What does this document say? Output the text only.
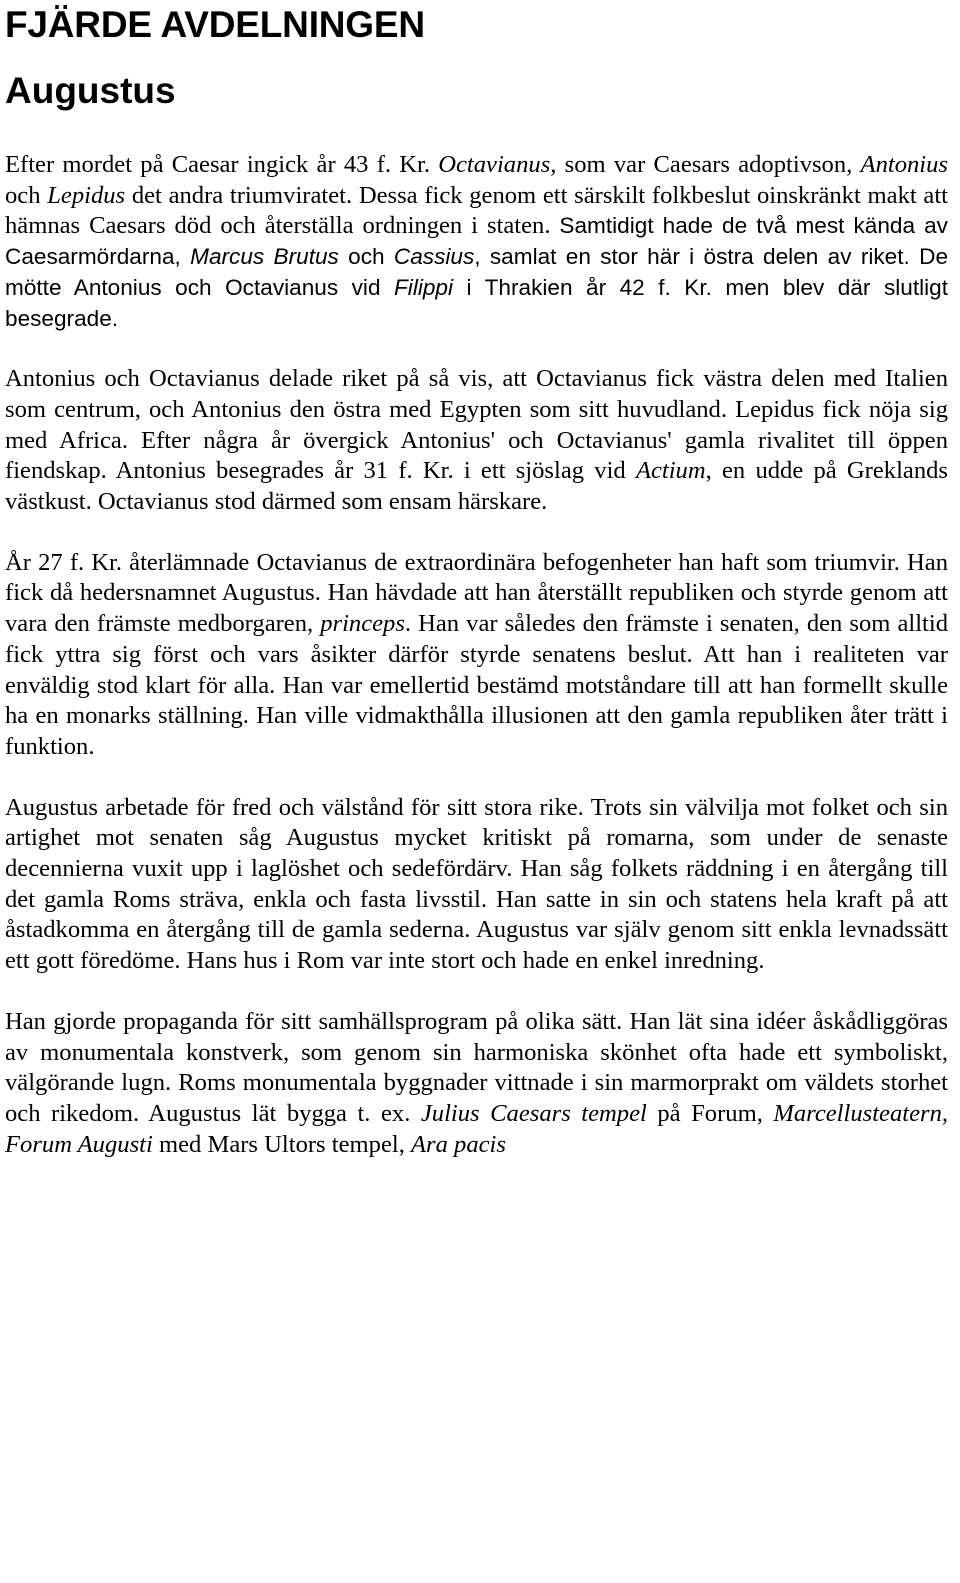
FJÄRDE AVDELNINGEN
Augustus

Efter mordet på Caesar ingick år 43 f. Kr. Octavianus, som var Caesars adoptivson, Antonius och Lepidus det andra triumviratet. Dessa fick genom ett särskilt folkbeslut oinskränkt makt att hämnas Caesars död och återställa ordningen i staten. Samtidigt hade de två mest kända av Caesarmördarna, Marcus Brutus och Cassius, samlat en stor här i östra delen av riket. De mötte Antonius och Octavianus vid Filippi i Thrakien år 42 f. Kr. men blev där slutligt besegrade.

Antonius och Octavianus delade riket på så vis, att Octavianus fick västra delen med Italien som centrum, och Antonius den östra med Egypten som sitt huvudland. Lepidus fick nöja sig med Africa. Efter några år övergick Antonius' och Octavianus' gamla rivalitet till öppen fiendskap. Antonius besegrades år 31 f. Kr. i ett sjöslag vid Actium, en udde på Greklands västkust. Octavianus stod därmed som ensam härskare.

År 27 f. Kr. återlämnade Octavianus de extraordinära befogenheter han haft som triumvir. Han fick då hedersnamnet Augustus. Han hävdade att han återställt republiken och styrde genom att vara den främste medborgaren, princeps. Han var således den främste i senaten, den som alltid fick yttra sig först och vars åsikter därför styrde senatens beslut. Att han i realiteten var enväldig stod klart för alla. Han var emellertid bestämd motståndare till att han formellt skulle ha en monarks ställning. Han ville vidmakthålla illusionen att den gamla republiken åter trätt i funktion.

Augustus arbetade för fred och välstånd för sitt stora rike. Trots sin välvilja mot folket och sin artighet mot senaten såg Augustus mycket kritiskt på romarna, som under de senaste decennierna vuxit upp i laglöshet och sedefördärv. Han såg folkets räddning i en återgång till det gamla Roms sträva, enkla och fasta livsstil. Han satte in sin och statens hela kraft på att åstadkomma en återgång till de gamla sederna. Augustus var själv genom sitt enkla levnadssätt ett gott föredöme. Hans hus i Rom var inte stort och hade en enkel inredning.

Han gjorde propaganda för sitt samhällsprogram på olika sätt. Han lät sina idéer åskådliggöras av monumentala konstverk, som genom sin harmoniska skönhet ofta hade ett symboliskt, välgörande lugn. Roms monumentala byggnader vittnade i sin marmorprakt om väldets storhet och rikedom. Augustus lät bygga t. ex. Julius Caesars tempel på Forum, Marcellusteatern, Forum Augusti med Mars Ultors tempel, Ara pacis
